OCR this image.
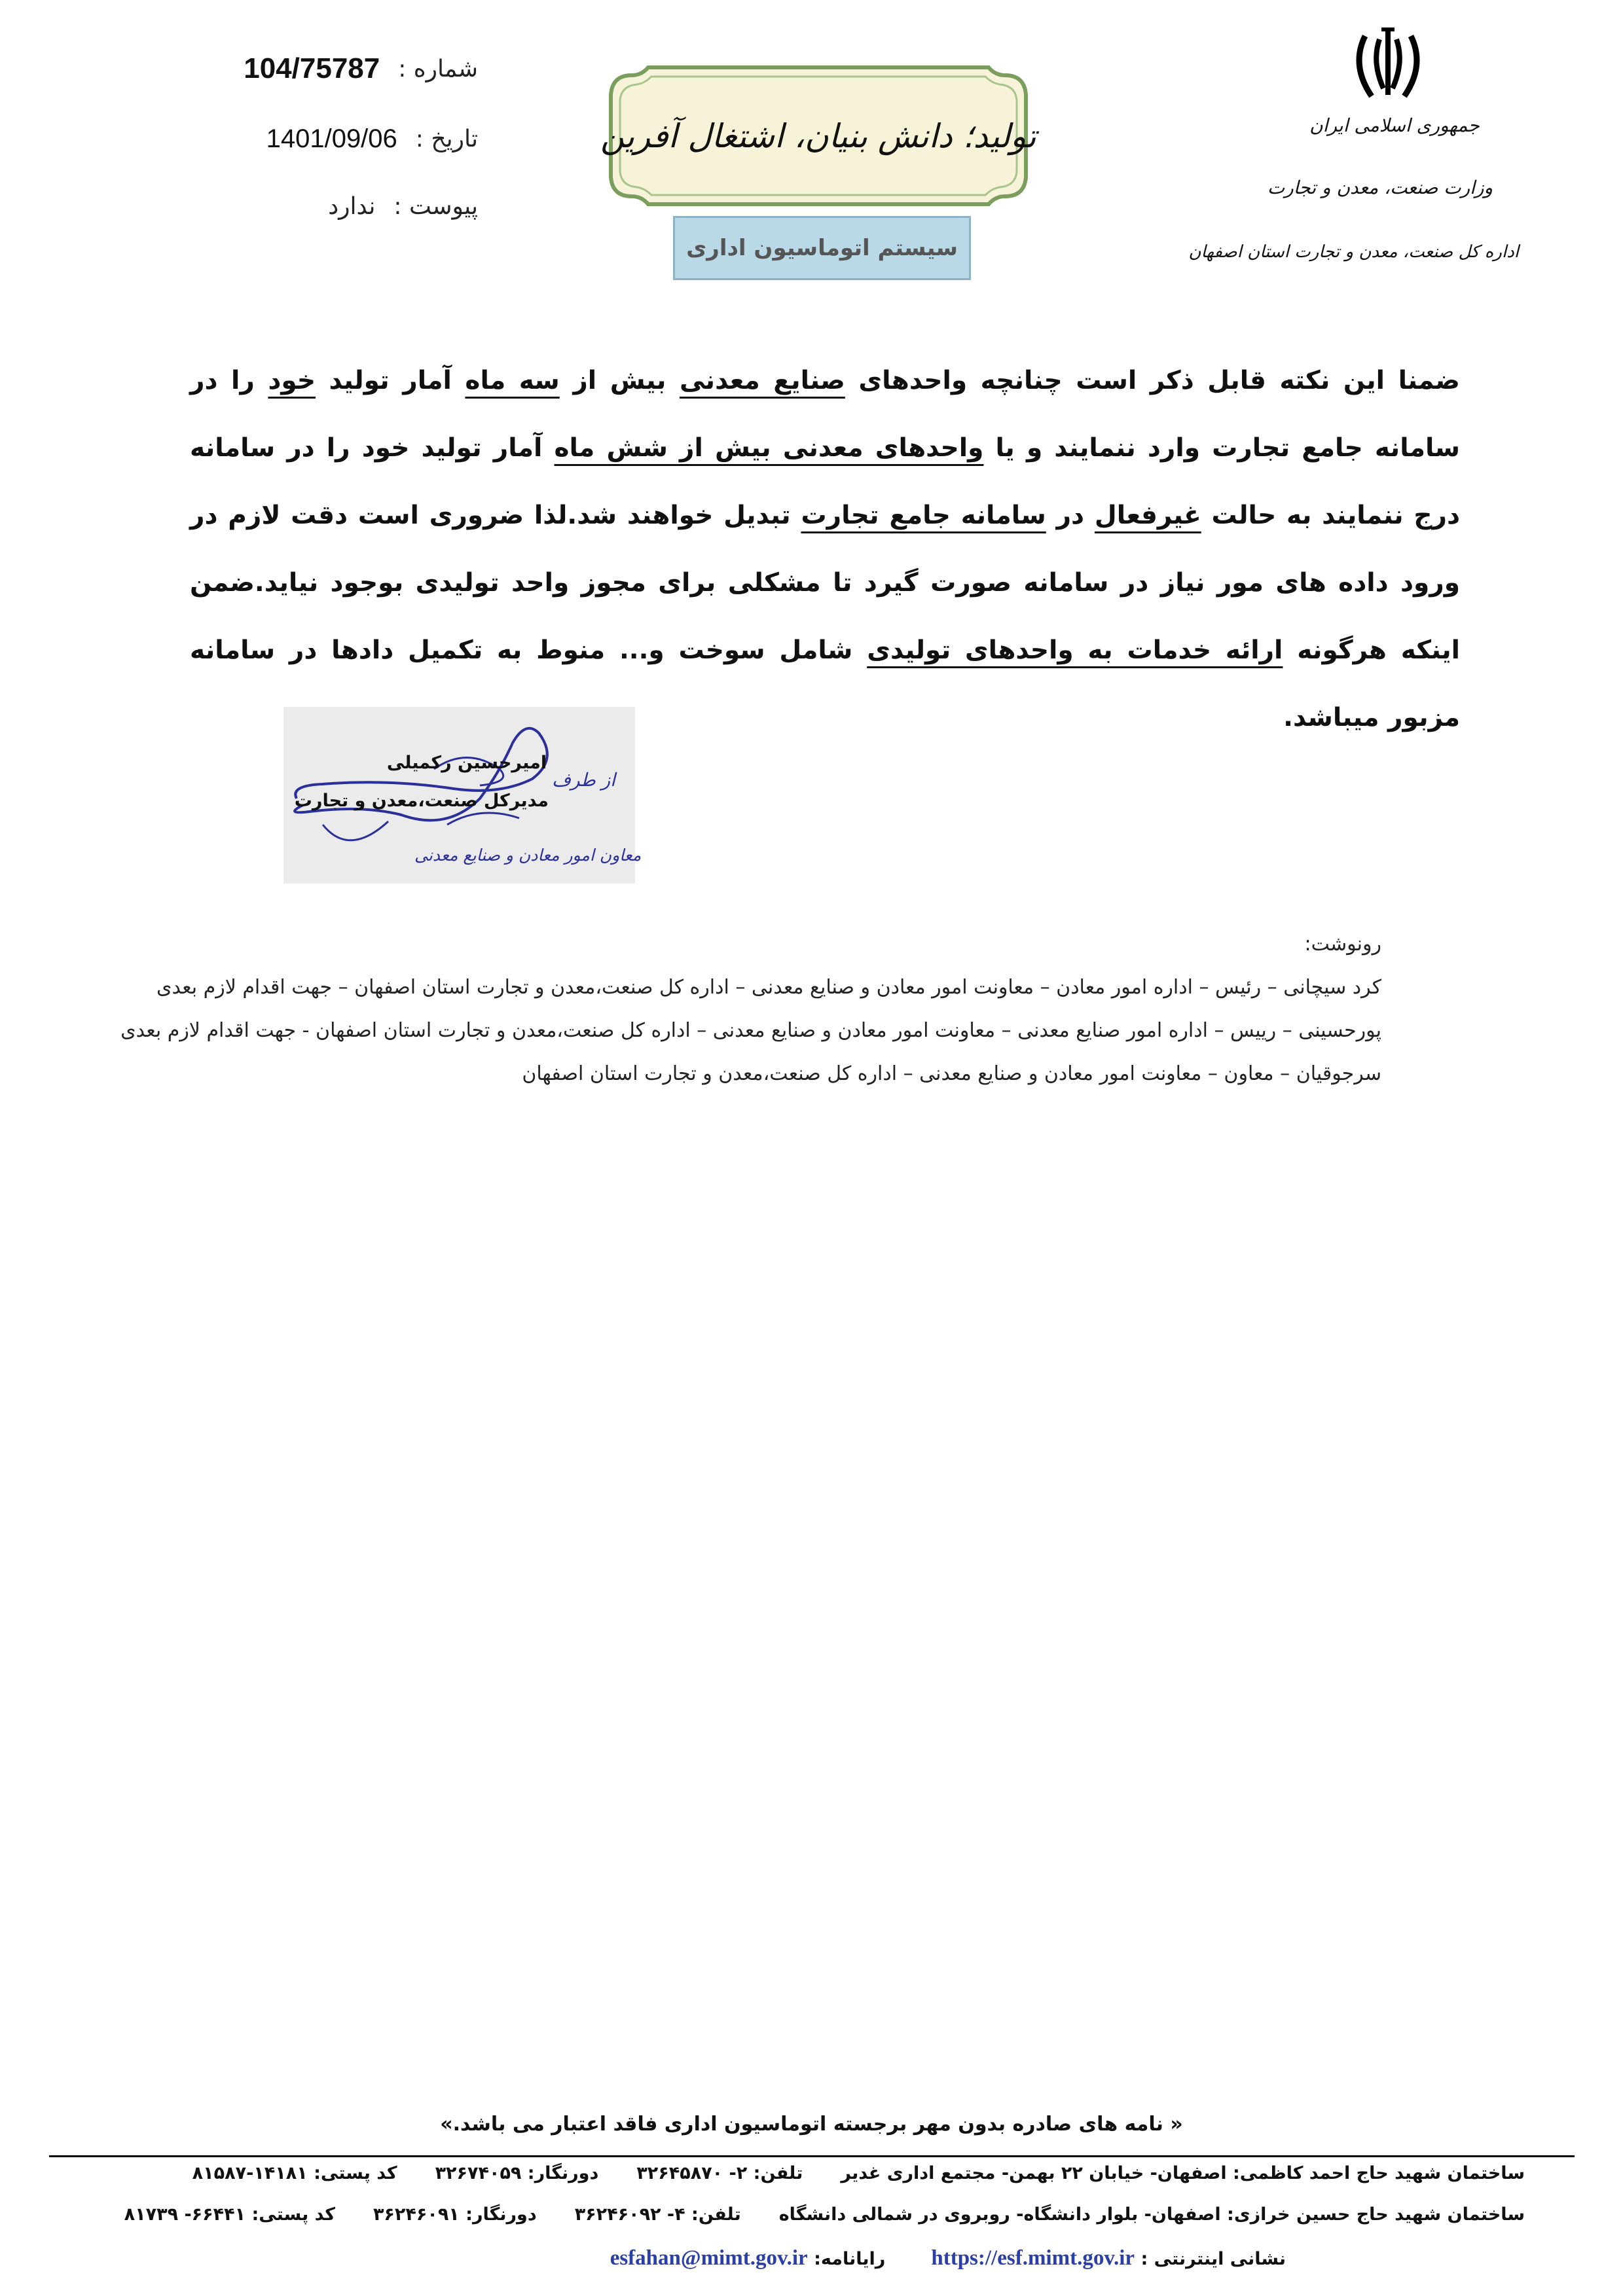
شماره :
104/75787
تاریخ :
1401/09/06
پیوست :
ندارد
تولید؛ دانش بنیان، اشتغال آفرین
سیستم اتوماسیون اداری
جمهوری اسلامی ایران
وزارت صنعت، معدن و تجارت
اداره کل صنعت، معدن و تجارت استان اصفهان
ضمنا این نکته قابل ذکر است چنانچه واحدهای صنایع معدنی بیش از سه ماه آمار تولید خود را در سامانه جامع تجارت وارد ننمایند و یا واحدهای معدنی بیش از شش ماه آمار تولید خود را در سامانه درج ننمایند به حالت غیرفعال در سامانه جامع تجارت تبدیل خواهند شد.لذا ضروری است دقت لازم در ورود داده های مور نیاز در سامانه صورت گیرد تا مشکلی برای مجوز واحد تولیدی بوجود نیاید.ضمن اینکه هرگونه ارائه خدمات به واحدهای تولیدی شامل سوخت و... منوط به تکمیل دادها در سامانه مزبور میباشد.
امیرحسین رکمیلی
مدیرکل صنعت،معدن و تجارت
از طرف
معاون امور معادن و صنایع معدنی
رونوشت:
کرد سیچانی – رئیس – اداره امور معادن – معاونت امور معادن و صنایع معدنی – اداره کل صنعت،معدن و تجارت استان اصفهان – جهت اقدام لازم بعدی
پورحسینی – رییس – اداره امور صنایع معدنی – معاونت امور معادن و صنایع معدنی – اداره کل صنعت،معدن و تجارت استان اصفهان - جهت اقدام لازم بعدی
سرجوقیان – معاون – معاونت امور معادن و صنایع معدنی – اداره کل صنعت،معدن و تجارت استان اصفهان
« نامه های صادره بدون مهر برجسته اتوماسیون اداری فاقد اعتبار می باشد.»
ساختمان شهید حاج احمد کاظمی: اصفهان- خیابان ۲۲ بهمن- مجتمع اداری غدیر
تلفن: ۲- ۳۲۶۴۵۸۷۰
دورنگار: ۳۲۶۷۴۰۵۹
کد پستی: ۱۴۱۸۱-۸۱۵۸۷
ساختمان شهید حاج حسین خرازی: اصفهان- بلوار دانشگاه- روبروی در شمالی دانشگاه
تلفن: ۴- ۳۶۲۴۶۰۹۲
دورنگار: ۳۶۲۴۶۰۹۱
کد پستی: ۶۶۴۴۱- ۸۱۷۳۹
نشانی اینترنتی : https://esf.mimt.gov.ir
رایانامه: esfahan@mimt.gov.ir
